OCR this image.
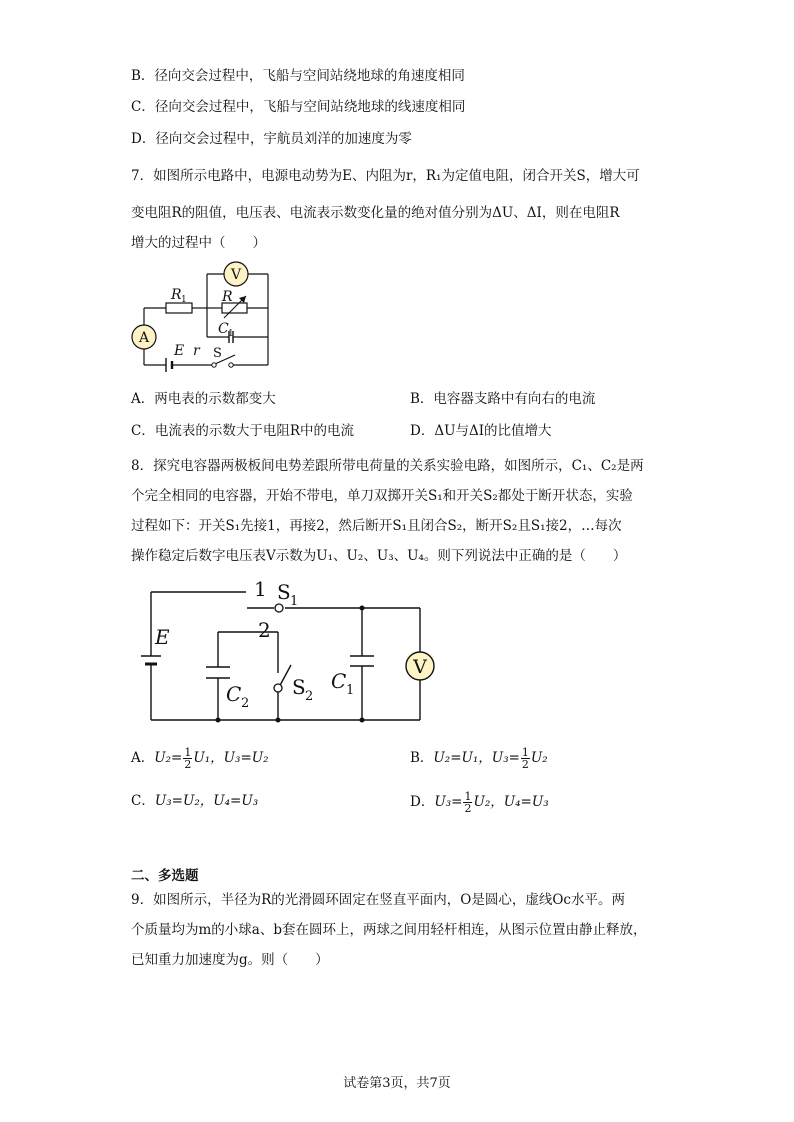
B．径向交会过程中，飞船与空间站绕地球的角速度相同
C．径向交会过程中，飞船与空间站绕地球的线速度相同
D．径向交会过程中，宇航员刘洋的加速度为零
7．如图所示电路中，电源电动势为E、内阻为r，R₁为定值电阻，闭合开关S，增大可
变电阻R的阻值，电压表、电流表示数变化量的绝对值分别为ΔU、ΔI，则在电阻R
增大的过程中（　　）
V
A
R 1	R
C 1
E r S
A．两电表的示数都变大	B．电容器支路中有向右的电流
C．电流表的示数大于电阻R中的电流	D．ΔU与ΔI的比值增大
8．探究电容器两极板间电势差跟所带电荷量的关系实验电路，如图所示，C₁、C₂是两
个完全相同的电容器，开始不带电，单刀双掷开关S₁和开关S₂都处于断开状态，实验
过程如下：开关S₁先接1，再接2，然后断开S₁且闭合S₂，断开S₂且S₁接2，…每次
操作稳定后数字电压表V示数为U₁、U₂、U₃、U₄。则下列说法中正确的是（　　）
V
E
1 S 1
2
S 2
C 1
C 2
A．$U_2= \frac{1}{2} U_1$，U₃=U₂	B．U₂=U₁，$U_3= \frac{1}{2} U_2$
C．U₃=U₂，U₄=U₃	D．$U_3= \frac{1}{2} U_2$，U₄=U₃
二、多选题
9．如图所示，半径为R的光滑圆环固定在竖直平面内，O是圆心，虚线Oc水平。两
个质量均为m的小球a、b套在圆环上，两球之间用轻杆相连，从图示位置由静止释放，
已知重力加速度为g。则（　　）
试卷第3页，共7页
